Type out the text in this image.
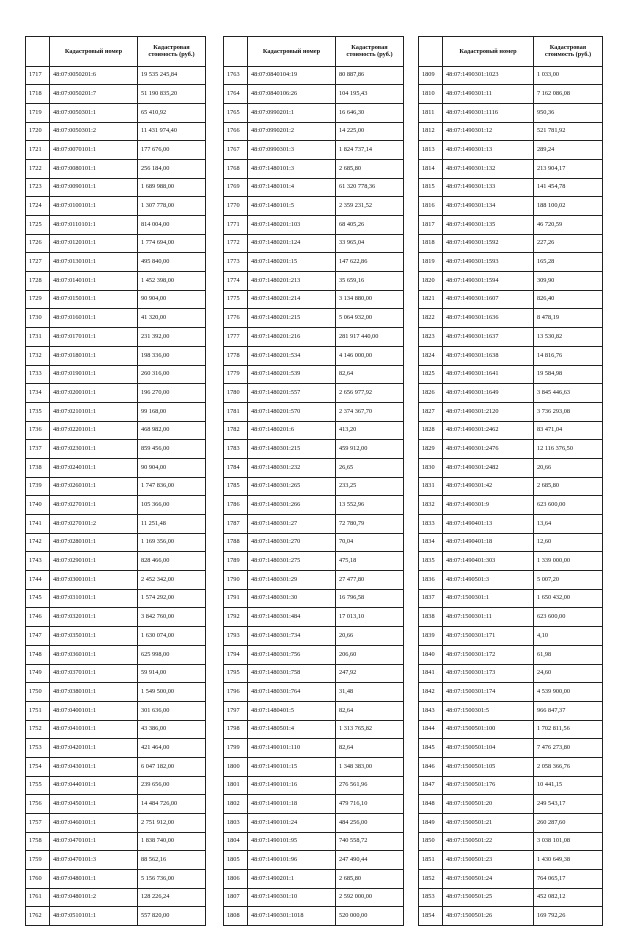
	Кадастровый номер	Кадастровая стоимость (руб.)
1717	48:07:0050201:6	19 535 245,84
1718	48:07:0050201:7	51 190 835,20
1719	48:07:0050301:1	65 410,92
1720	48:07:0050301:2	11 431 974,40
1721	48:07:0070101:1	177 676,00
1722	48:07:0080101:1	256 184,00
1723	48:07:0090101:1	1 689 988,00
1724	48:07:0100101:1	1 307 778,00
1725	48:07:0110101:1	814 004,00
1726	48:07:0120101:1	1 774 694,00
1727	48:07:0130101:1	495 840,00
1728	48:07:0140101:1	1 452 398,00
1729	48:07:0150101:1	90 904,00
1730	48:07:0160101:1	41 320,00
1731	48:07:0170101:1	231 392,00
1732	48:07:0180101:1	198 336,00
1733	48:07:0190101:1	260 316,00
1734	48:07:0200101:1	196 270,00
1735	48:07:0210101:1	99 168,00
1736	48:07:0220101:1	468 982,00
1737	48:07:0230101:1	859 456,00
1738	48:07:0240101:1	90 904,00
1739	48:07:0260101:1	1 747 836,00
1740	48:07:0270101:1	105 366,00
1741	48:07:0270101:2	11 251,48
1742	48:07:0280101:1	1 169 356,00
1743	48:07:0290101:1	828 466,00
1744	48:07:0300101:1	2 452 342,00
1745	48:07:0310101:1	1 574 292,00
1746	48:07:0320101:1	3 842 760,00
1747	48:07:0350101:1	1 630 074,00
1748	48:07:0360101:1	625 998,00
1749	48:07:0370101:1	59 914,00
1750	48:07:0380101:1	1 549 500,00
1751	48:07:0400101:1	301 636,00
1752	48:07:0410101:1	43 386,00
1753	48:07:0420101:1	421 464,00
1754	48:07:0430101:1	6 047 182,00
1755	48:07:0440101:1	239 656,00
1756	48:07:0450101:1	14 484 726,00
1757	48:07:0460101:1	2 751 912,00
1758	48:07:0470101:1	1 838 740,00
1759	48:07:0470101:3	88 562,16
1760	48:07:0480101:1	5 156 736,00
1761	48:07:0480101:2	128 226,24
1762	48:07:0510101:1	557 820,00
	Кадастровый номер	Кадастровая стоимость (руб.)
1763	48:07:0840104:19	80 887,86
1764	48:07:0840106:26	104 195,43
1765	48:07:0990201:1	16 646,30
1766	48:07:0990201:2	14 225,00
1767	48:07:0990301:3	1 824 737,14
1768	48:07:1480101:3	2 685,80
1769	48:07:1480101:4	61 320 778,36
1770	48:07:1480101:5	2 359 231,52
1771	48:07:1480201:103	68 405,26
1772	48:07:1480201:124	33 965,04
1773	48:07:1480201:15	147 622,86
1774	48:07:1480201:213	35 659,16
1775	48:07:1480201:214	3 134 880,00
1776	48:07:1480201:215	5 064 932,00
1777	48:07:1480201:216	281 917 440,00
1778	48:07:1480201:534	4 146 000,00
1779	48:07:1480201:539	82,64
1780	48:07:1480201:557	2 656 977,92
1781	48:07:1480201:570	2 374 367,70
1782	48:07:1480201:6	413,20
1783	48:07:1480301:215	459 912,00
1784	48:07:1480301:232	26,65
1785	48:07:1480301:265	233,25
1786	48:07:1480301:266	13 552,96
1787	48:07:1480301:27	72 780,79
1788	48:07:1480301:270	70,04
1789	48:07:1480301:275	475,18
1790	48:07:1480301:29	27 477,80
1791	48:07:1480301:30	16 796,58
1792	48:07:1480301:484	17 013,10
1793	48:07:1480301:734	20,66
1794	48:07:1480301:756	206,60
1795	48:07:1480301:758	247,92
1796	48:07:1480301:764	31,48
1797	48:07:1480401:5	82,64
1798	48:07:1480501:4	1 313 765,82
1799	48:07:1490101:110	82,64
1800	48:07:1490101:15	1 348 383,00
1801	48:07:1490101:16	276 561,96
1802	48:07:1490101:18	479 716,10
1803	48:07:1490101:24	484 256,00
1804	48:07:1490101:95	740 558,72
1805	48:07:1490101:96	247 490,44
1806	48:07:1490201:1	2 685,80
1807	48:07:1490301:10	2 592 000,00
1808	48:07:1490301:1018	520 000,00
	Кадастровый номер	Кадастровая стоимость (руб.)
1809	48:07:1490301:1023	1 033,00
1810	48:07:1490301:11	7 162 086,08
1811	48:07:1490301:1116	950,36
1812	48:07:1490301:12	521 781,92
1813	48:07:1490301:13	289,24
1814	48:07:1490301:132	213 904,17
1815	48:07:1490301:133	141 454,78
1816	48:07:1490301:134	188 100,02
1817	48:07:1490301:135	46 720,59
1818	48:07:1490301:1592	227,26
1819	48:07:1490301:1593	165,28
1820	48:07:1490301:1594	309,90
1821	48:07:1490301:1607	826,40
1822	48:07:1490301:1636	8 478,19
1823	48:07:1490301:1637	13 530,82
1824	48:07:1490301:1638	14 816,76
1825	48:07:1490301:1641	19 584,98
1826	48:07:1490301:1649	3 845 446,63
1827	48:07:1490301:2120	3 736 293,08
1828	48:07:1490301:2462	83 471,04
1829	48:07:1490301:2476	12 116 376,50
1830	48:07:1490301:2482	20,66
1831	48:07:1490301:42	2 685,80
1832	48:07:1490301:9	623 600,00
1833	48:07:1490401:13	13,64
1834	48:07:1490401:18	12,60
1835	48:07:1490401:303	1 339 000,00
1836	48:07:1490501:3	5 007,20
1837	48:07:1500301:1	1 650 432,00
1838	48:07:1500301:11	623 600,00
1839	48:07:1500301:171	4,10
1840	48:07:1500301:172	61,98
1841	48:07:1500301:173	24,60
1842	48:07:1500301:174	4 539 900,00
1843	48:07:1500301:5	966 847,37
1844	48:07:1500501:100	1 702 811,56
1845	48:07:1500501:104	7 476 273,80
1846	48:07:1500501:105	2 058 366,76
1847	48:07:1500501:176	10 441,15
1848	48:07:1500501:20	249 543,17
1849	48:07:1500501:21	260 287,60
1850	48:07:1500501:22	3 038 101,08
1851	48:07:1500501:23	1 430 649,38
1852	48:07:1500501:24	764 065,17
1853	48:07:1500501:25	452 082,12
1854	48:07:1500501:26	169 792,26
